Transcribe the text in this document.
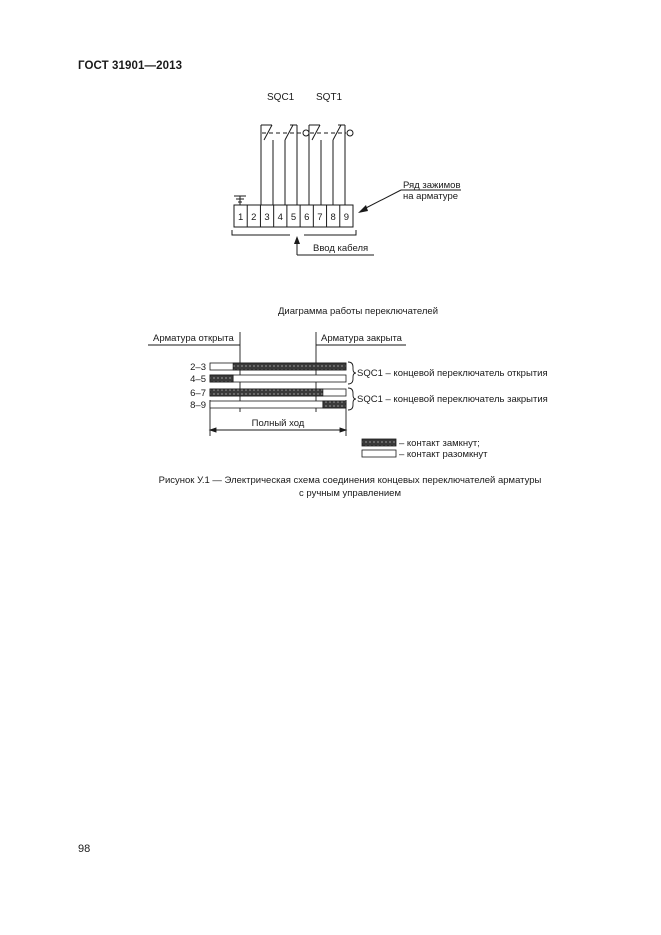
ГОСТ 31901—2013
SQC1 SQT1
1 2 3 4 5 6 7 8 9
Ввод кабеля
Ряд зажимов
на арматуре
Диаграмма работы переключателей
Арматура открыта	Арматура закрыта
2–3
4–5
6–7
8–9
SQC1 – концевой переключатель открытия
SQC1 – концевой переключатель закрытия
Полный ход
– контакт замкнут;
– контакт разомкнут
Рисунок У.1 — Электрическая схема соединения концевых переключателей арматуры
с ручным управлением
98
